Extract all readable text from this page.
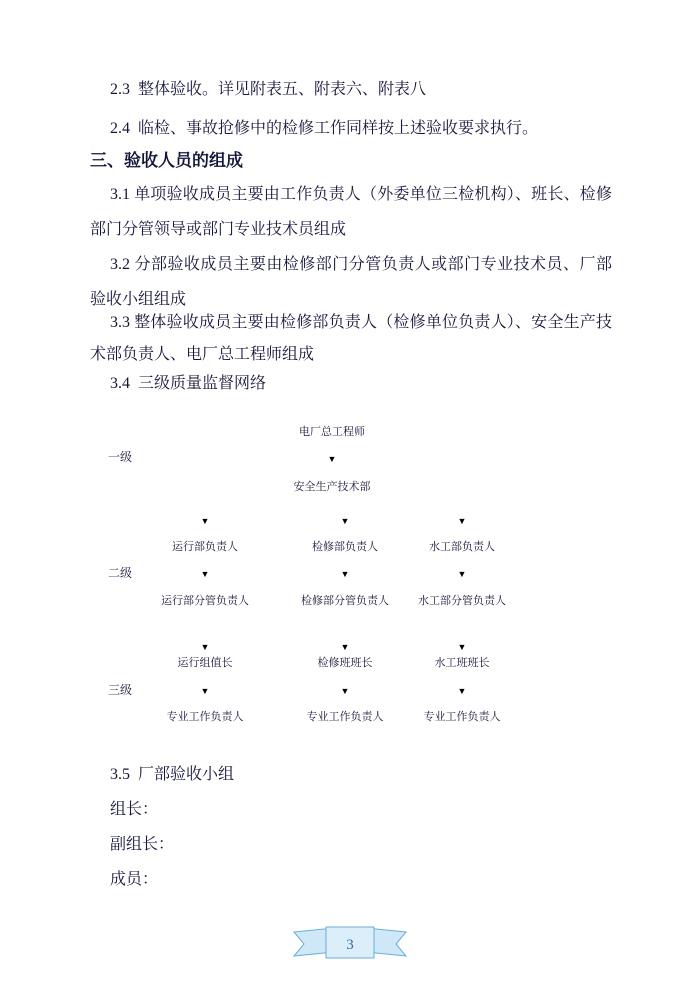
2.3  整体验收。详见附表五、附表六、附表八
2.4  临检、事故抢修中的检修工作同样按上述验收要求执行。
三、验收人员的组成
3.1 单项验收成员主要由工作负责人（外委单位三检机构）、班长、检修部门分管领导或部门专业技术员组成
3.2 分部验收成员主要由检修部门分管负责人或部门专业技术员、厂部验收小组组成
3.3 整体验收成员主要由检修部负责人（检修单位负责人）、安全生产技术部负责人、电厂总工程师组成
3.4  三级质量监督网络
一级
二级
三级
电厂总工程师
▼
安全生产技术部
▼
运行部负责人
▼
运行部分管负责人
▼
运行组值长
▼
专业工作负责人
▼
检修部负责人
▼
检修部分管负责人
▼
检修班班长
▼
专业工作负责人
▼
水工部负责人
▼
水工部分管负责人
▼
水工班班长
▼
专业工作负责人
3.5  厂部验收小组
组长：
副组长：
成员：
3
